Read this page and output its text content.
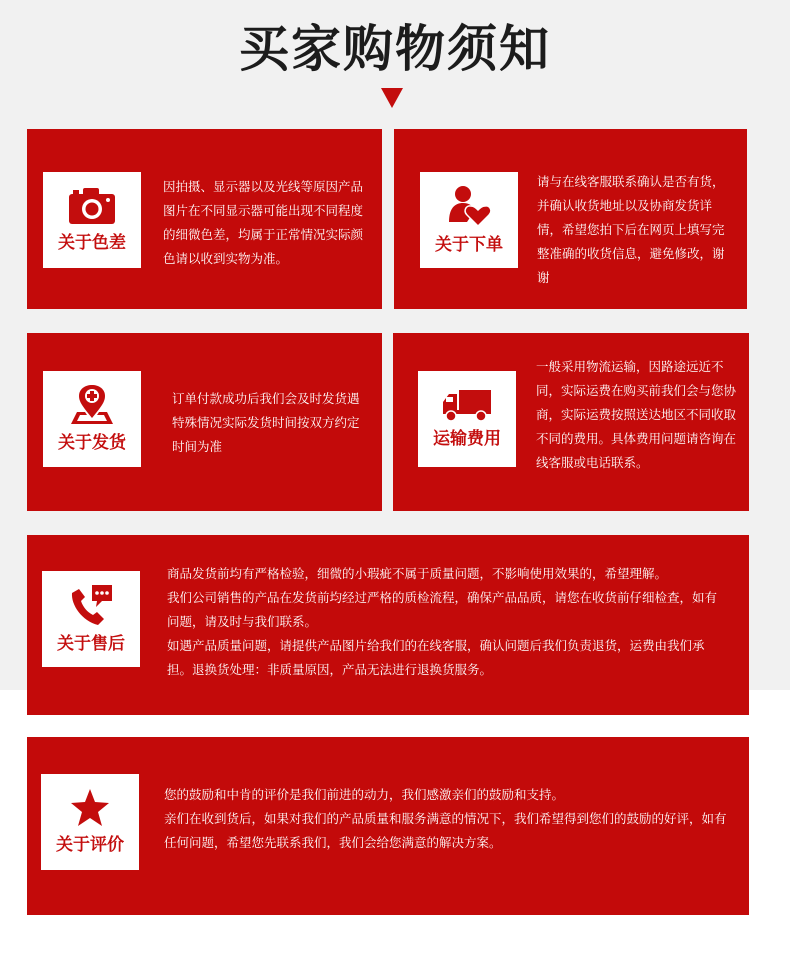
买家购物须知
关于色差

因拍摄、显示器以及光线等原因产品图片在不同显示器可能出现不同程度的细微色差，均属于正常情况实际颜色请以收到实物为准。

关于下单

请与在线客服联系确认是否有货，并确认收货地址以及协商发货详情，希望您拍下后在网页上填写完整准确的收货信息，避免修改，谢谢

关于发货

订单付款成功后我们会及时发货遇特殊情况实际发货时间按双方约定时间为准	运输费用

一般采用物流运输，因路途远近不同，实际运费在购买前我们会与您协商，实际运费按照送达地区不同收取不同的费用。具体费用问题请咨询在线客服或电话联系。

关于售后

商品发货前均有严格检验，细微的小瑕疵不属于质量问题，不影响使用效果的，希望理解。

我们公司销售的产品在发货前均经过严格的质检流程，确保产品品质，请您在收货前仔细检查，如有问题，请及时与我们联系。

如遇产品质量问题，请提供产品图片给我们的在线客服，确认问题后我们负责退货，运费由我们承担。退换货处理：非质量原因，产品无法进行退换货服务。

关于评价

您的鼓励和中肯的评价是我们前进的动力，我们感激亲们的鼓励和支持。

亲们在收到货后，如果对我们的产品质量和服务满意的情况下，我们希望得到您们的鼓励的好评，如有任何问题，希望您先联系我们，我们会给您满意的解决方案。
